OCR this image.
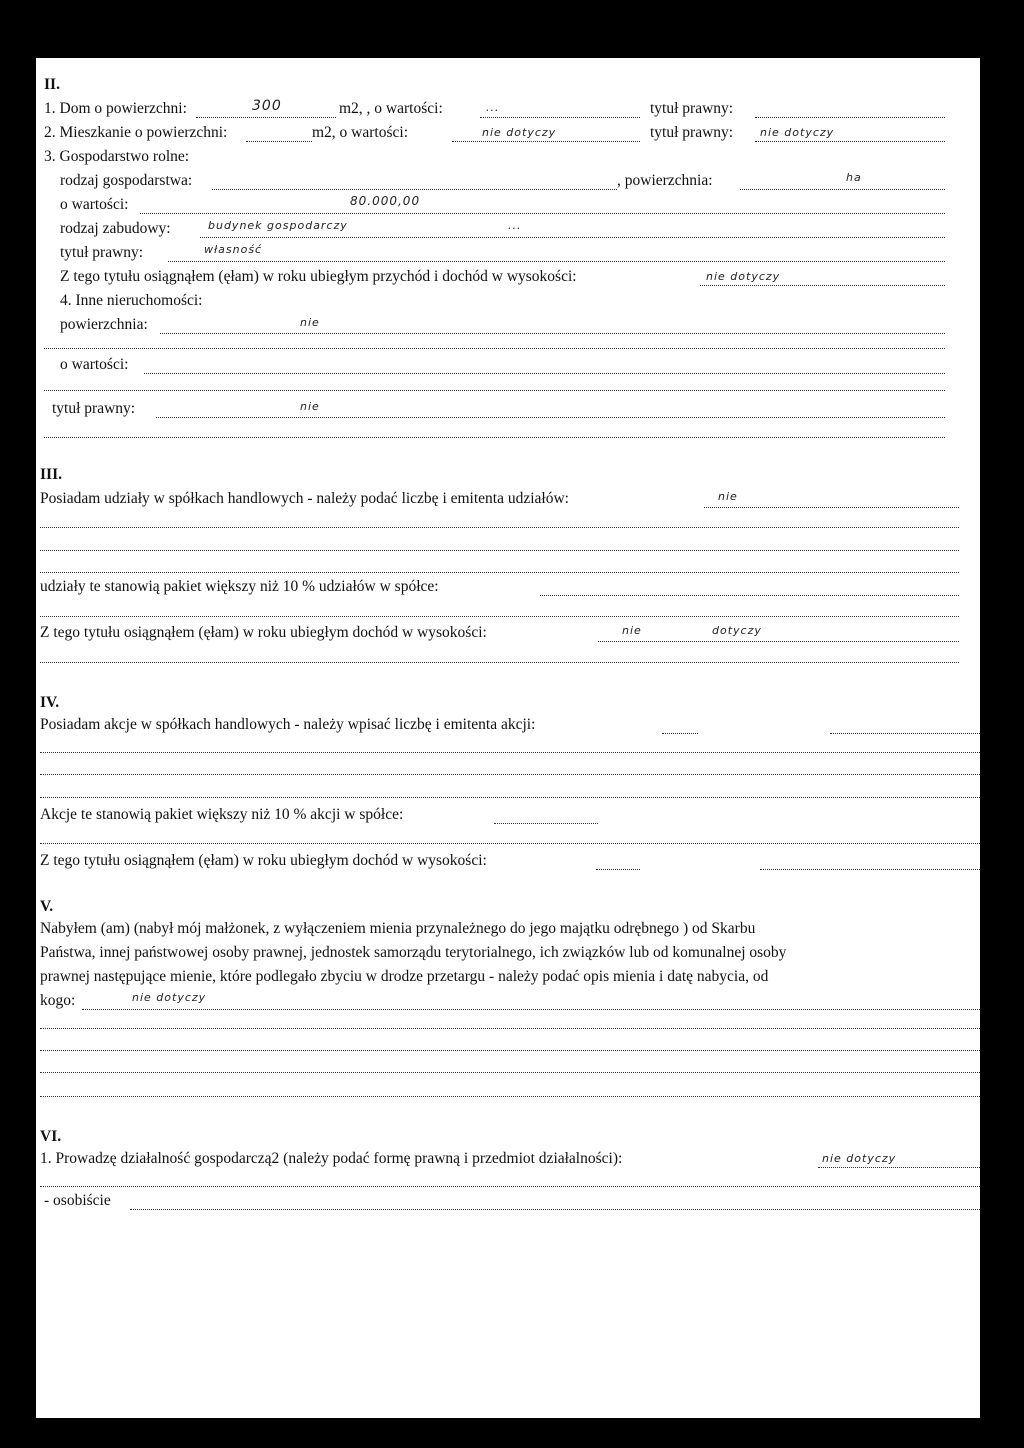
II.
1. Dom o powierzchni:	300	m2, , o wartości:	...	tytuł prawny:
2. Mieszkanie o powierzchni:	m2, o wartości:	nie dotyczy	tytuł prawny: nie dotyczy
3. Gospodarstwo rolne:
rodzaj gospodarstwa:	, powierzchnia:	ha
o wartości:	80.000,00
rodzaj zabudowy:	budynek gospodarczy	...
tytuł prawny:	własność
Z tego tytułu osiągnąłem (ęłam) w roku ubiegłym przychód i dochód w wysokości:	nie dotyczy
4. Inne nieruchomości:
powierzchnia:	nie
o wartości:
tytuł prawny:	nie
III.
Posiadam udziały w spółkach handlowych - należy podać liczbę i emitenta udziałów:	nie
udziały te stanowią pakiet większy niż 10 % udziałów w spółce:
Z tego tytułu osiągnąłem (ęłam) w roku ubiegłym dochód w wysokości:	nie	dotyczy
IV.
Posiadam akcje w spółkach handlowych - należy wpisać liczbę i emitenta akcji:
Akcje te stanowią pakiet większy niż 10 % akcji w spółce:
Z tego tytułu osiągnąłem (ęłam) w roku ubiegłym dochód w wysokości:
V.
Nabyłem (am) (nabył mój małżonek, z wyłączeniem mienia przynależnego do jego majątku odrębnego ) od Skarbu
Państwa, innej państwowej osoby prawnej, jednostek samorządu terytorialnego, ich związków lub od komunalnej osoby
prawnej następujące mienie, które podlegało zbyciu w drodze przetargu - należy podać opis mienia i datę nabycia, od
kogo:	nie dotyczy
VI.
1. Prowadzę działalność gospodarczą2 (należy podać formę prawną i przedmiot działalności):	nie dotyczy
- osobiście
